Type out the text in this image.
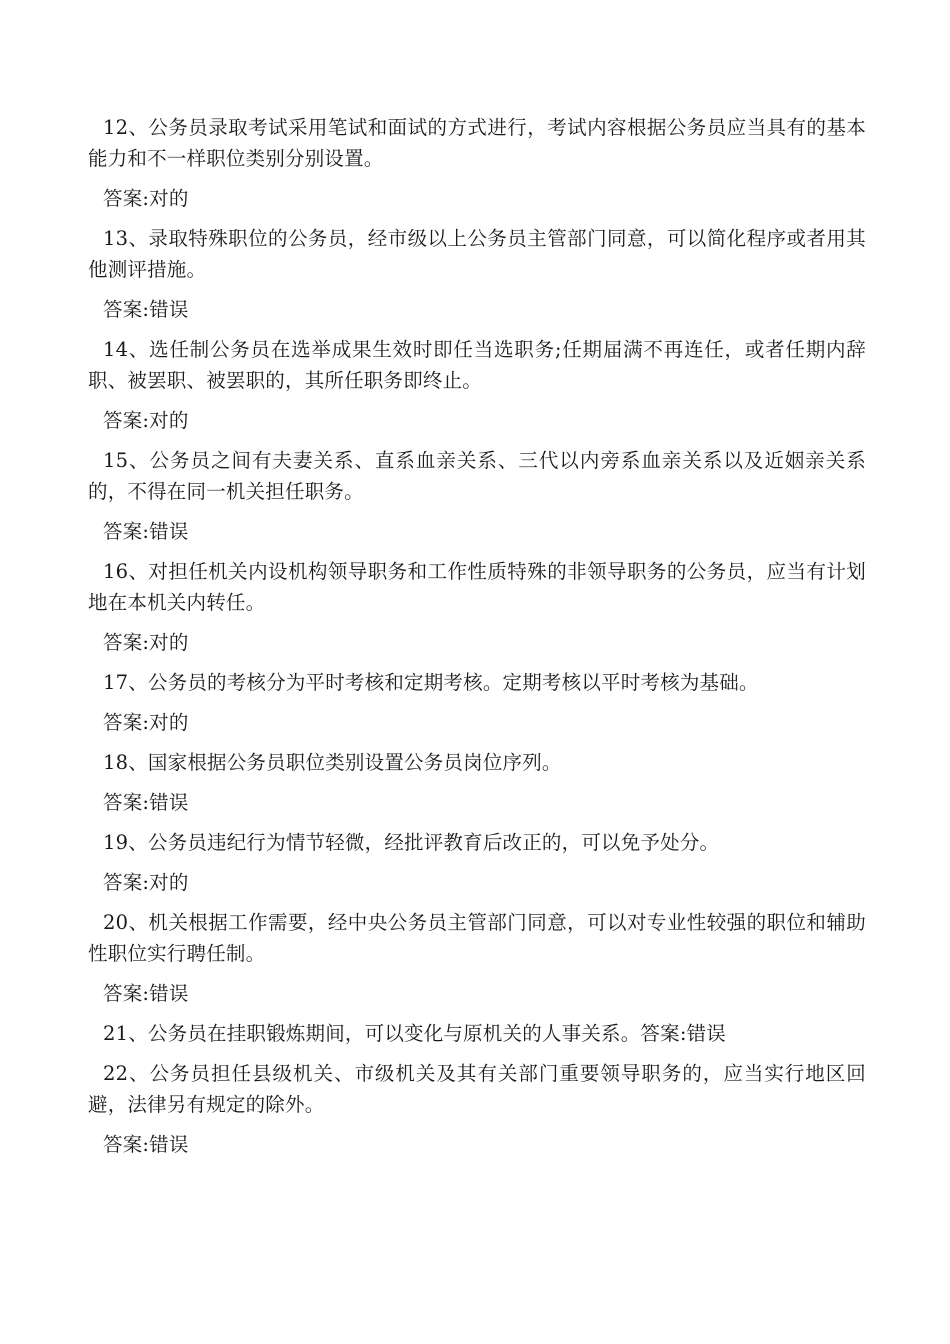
12、公务员录取考试采用笔试和面试的方式进行，考试内容根据公务员应当具有的基本能力和不一样职位类别分别设置。

答案:对的

13、录取特殊职位的公务员，经市级以上公务员主管部门同意，可以简化程序或者用其他测评措施。

答案:错误

14、选任制公务员在选举成果生效时即任当选职务;任期届满不再连任，或者任期内辞职、被罢职、被罢职的，其所任职务即终止。

答案:对的

15、公务员之间有夫妻关系、直系血亲关系、三代以内旁系血亲关系以及近姻亲关系的，不得在同一机关担任职务。

答案:错误

16、对担任机关内设机构领导职务和工作性质特殊的非领导职务的公务员，应当有计划地在本机关内转任。

答案:对的

17、公务员的考核分为平时考核和定期考核。定期考核以平时考核为基础。

答案:对的

18、国家根据公务员职位类别设置公务员岗位序列。

答案:错误

19、公务员违纪行为情节轻微，经批评教育后改正的，可以免予处分。

答案:对的

20、机关根据工作需要，经中央公务员主管部门同意，可以对专业性较强的职位和辅助性职位实行聘任制。

答案:错误

21、公务员在挂职锻炼期间，可以变化与原机关的人事关系。答案:错误

22、公务员担任县级机关、市级机关及其有关部门重要领导职务的，应当实行地区回避，法律另有规定的除外。

答案:错误
